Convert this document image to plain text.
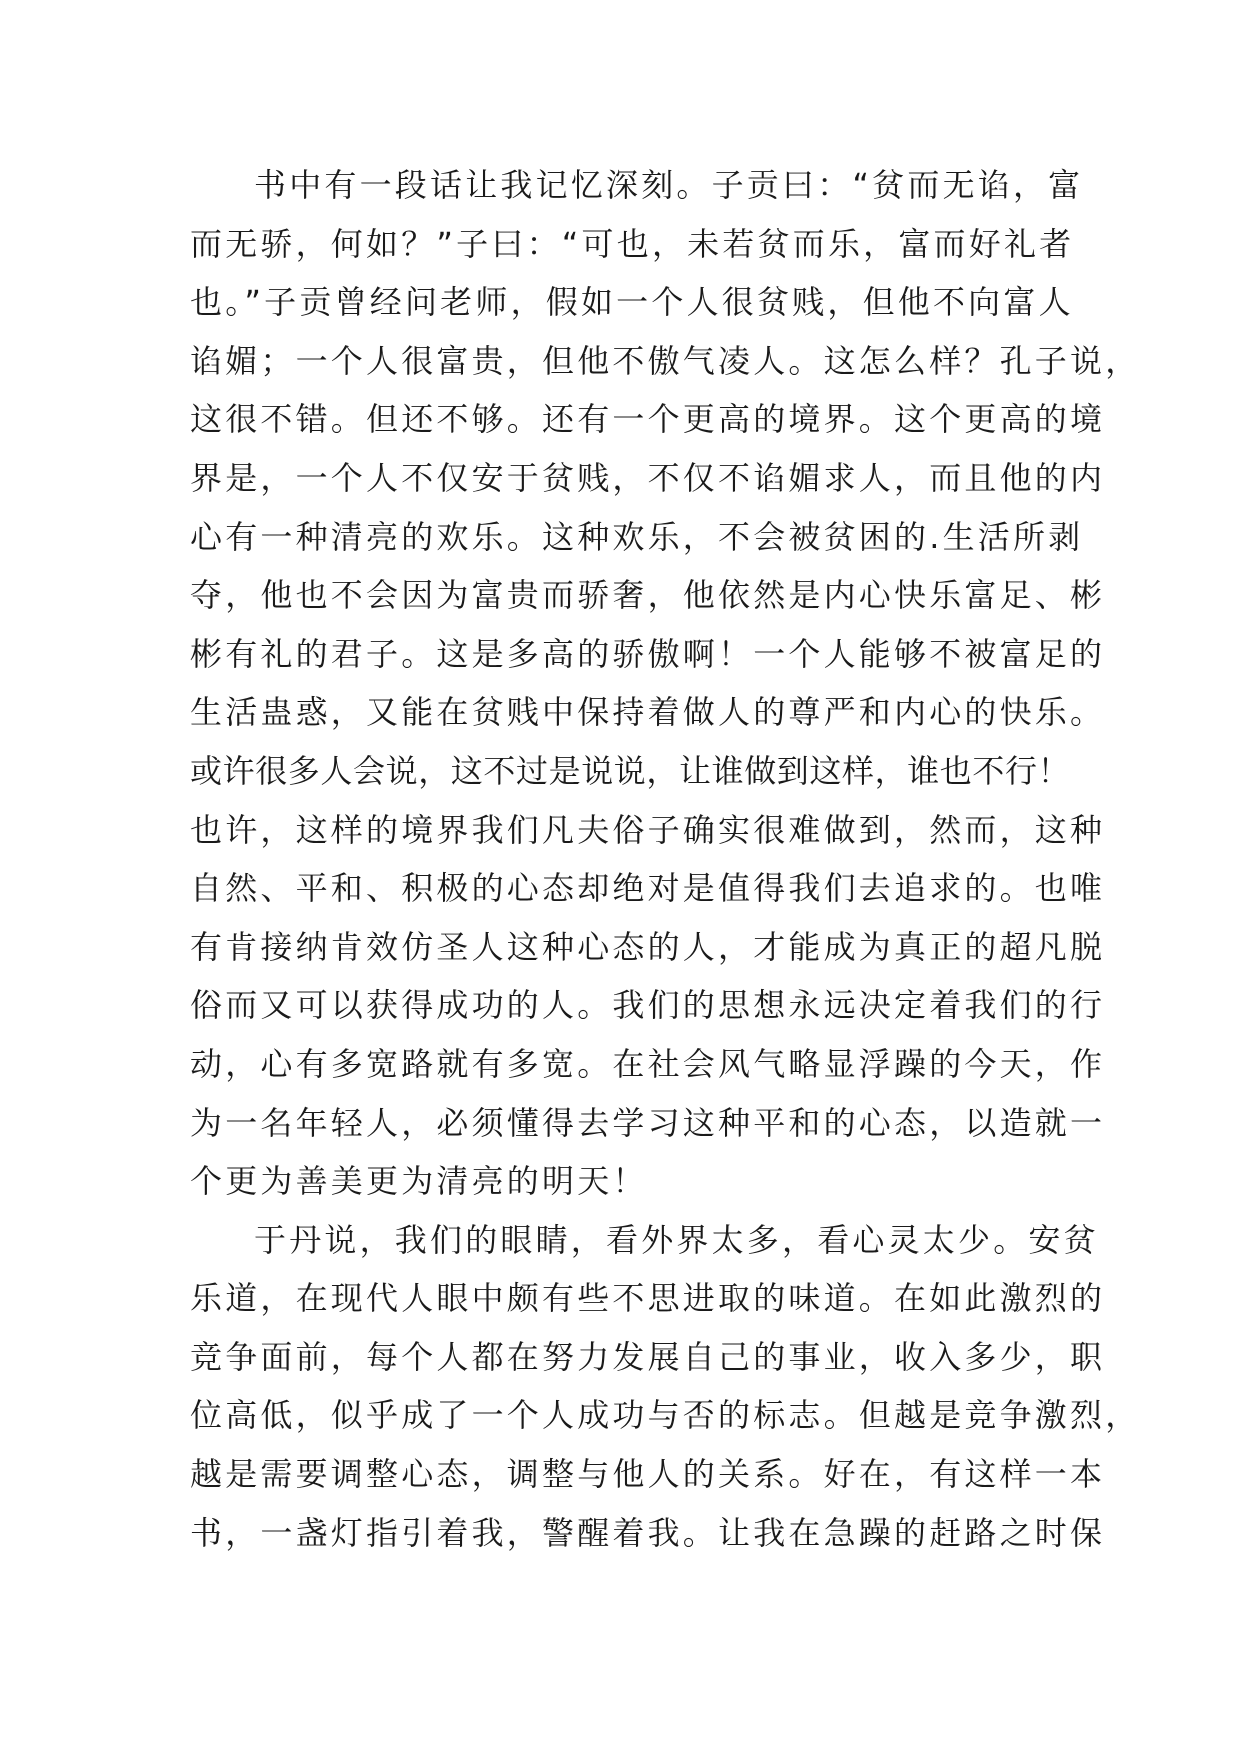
书中有一段话让我记忆深刻。子贡曰：“贫而无谄，富
而无骄，何如？”子曰：“可也，未若贫而乐，富而好礼者
也。”子贡曾经问老师，假如一个人很贫贱，但他不向富人
谄媚；一个人很富贵，但他不傲气凌人。这怎么样？孔子说，
这很不错。但还不够。还有一个更高的境界。这个更高的境
界是，一个人不仅安于贫贱，不仅不谄媚求人，而且他的内
心有一种清亮的欢乐。这种欢乐，不会被贫困的.生活所剥
夺，他也不会因为富贵而骄奢，他依然是内心快乐富足、彬
彬有礼的君子。这是多高的骄傲啊！一个人能够不被富足的
生活蛊惑，又能在贫贱中保持着做人的尊严和内心的快乐。
或许很多人会说，这不过是说说，让谁做到这样，谁也不行！
也许，这样的境界我们凡夫俗子确实很难做到，然而，这种
自然、平和、积极的心态却绝对是值得我们去追求的。也唯
有肯接纳肯效仿圣人这种心态的人，才能成为真正的超凡脱
俗而又可以获得成功的人。我们的思想永远决定着我们的行
动，心有多宽路就有多宽。在社会风气略显浮躁的今天，作
为一名年轻人，必须懂得去学习这种平和的心态，以造就一
个更为善美更为清亮的明天！
于丹说，我们的眼睛，看外界太多，看心灵太少。安贫
乐道，在现代人眼中颇有些不思进取的味道。在如此激烈的
竞争面前，每个人都在努力发展自己的事业，收入多少，职
位高低，似乎成了一个人成功与否的标志。但越是竞争激烈，
越是需要调整心态，调整与他人的关系。好在，有这样一本
书，一盏灯指引着我，警醒着我。让我在急躁的赶路之时保
